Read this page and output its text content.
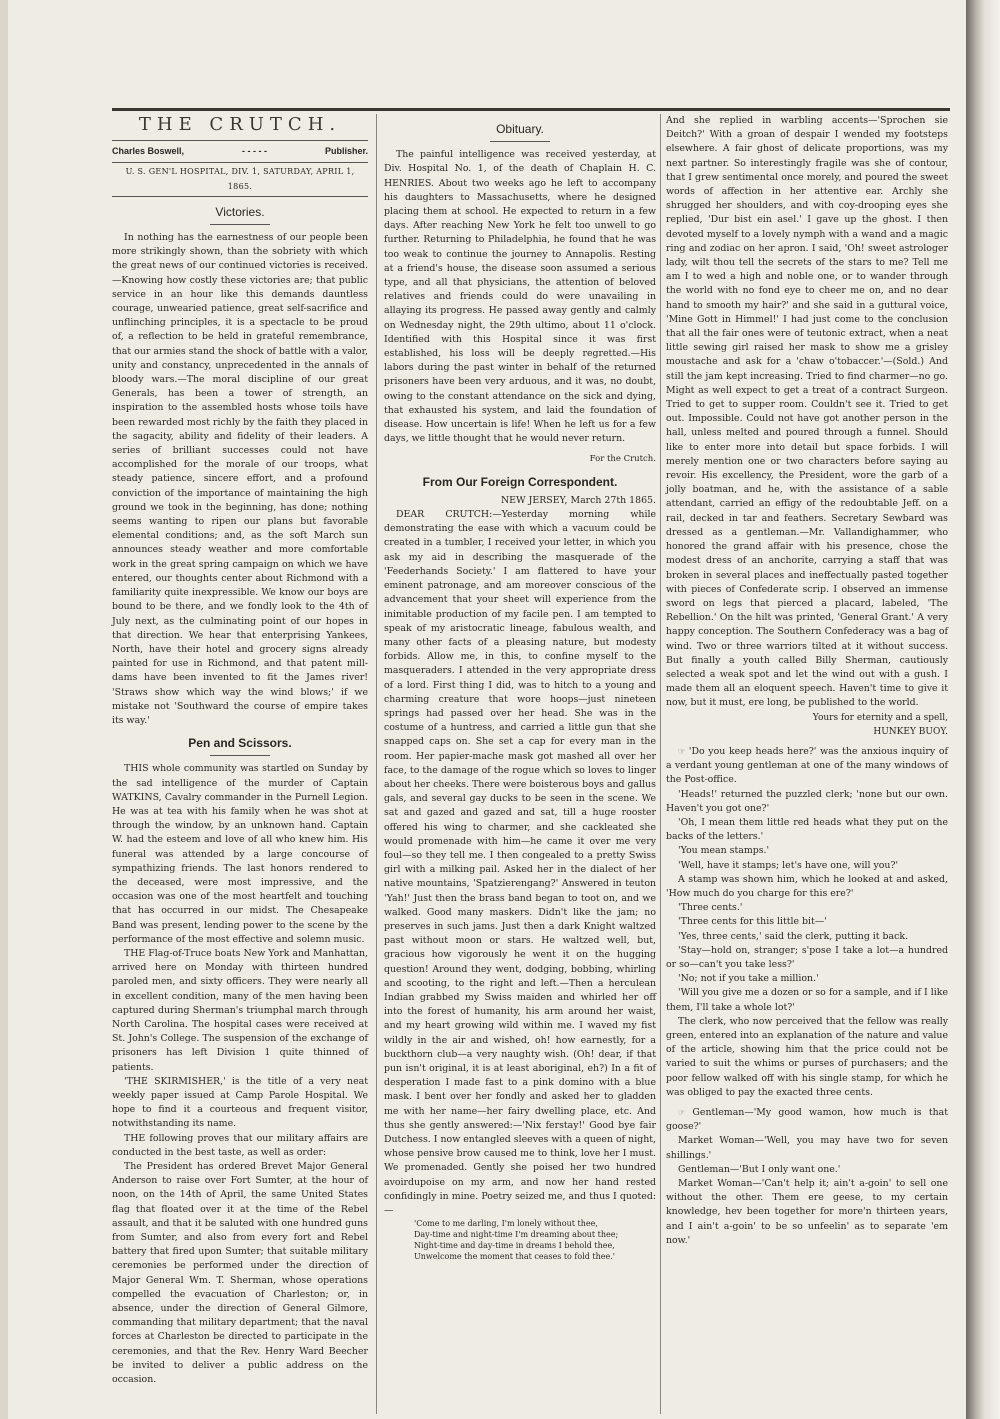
THE CRUTCH.
Charles Boswell,	- - - - -	Publisher.
U. S. GEN'L HOSPITAL, DIV. 1, SATURDAY, APRIL 1, 1865.
Victories.

In nothing has the earnestness of our people been more strikingly shown, than the sobriety with which the great news of our continued victories is received.—Knowing how costly these victories are; that public service in an hour like this demands dauntless courage, unwearied patience, great self-sacrifice and unflinching principles, it is a spectacle to be proud of, a reflection to be held in grateful remembrance, that our armies stand the shock of battle with a valor, unity and constancy, unprecedented in the annals of bloody wars.—The moral discipline of our great Generals, has been a tower of strength, an inspiration to the assembled hosts whose toils have been rewarded most richly by the faith they placed in the sagacity, ability and fidelity of their leaders. A series of brilliant successes could not have accomplished for the morale of our troops, what steady patience, sincere effort, and a profound conviction of the importance of maintaining the high ground we took in the beginning, has done; nothing seems wanting to ripen our plans but favorable elemental conditions; and, as the soft March sun announces steady weather and more comfortable work in the great spring campaign on which we have entered, our thoughts center about Richmond with a familiarity quite inexpressible. We know our boys are bound to be there, and we fondly look to the 4th of July next, as the culminating point of our hopes in that direction. We hear that enterprising Yankees, North, have their hotel and grocery signs already painted for use in Richmond, and that patent mill-dams have been invented to fit the James river! 'Straws show which way the wind blows;' if we mistake not 'Southward the course of empire takes its way.'

Pen and Scissors.

THIS whole community was startled on Sunday by the sad intelligence of the murder of Captain WATKINS, Cavalry commander in the Purnell Legion. He was at tea with his family when he was shot at through the window, by an unknown hand. Captain W. had the esteem and love of all who knew him. His funeral was attended by a large concourse of sympathizing friends. The last honors rendered to the deceased, were most impressive, and the occasion was one of the most heartfelt and touching that has occurred in our midst. The Chesapeake Band was present, lending power to the scene by the performance of the most effective and solemn music.

THE Flag-of-Truce boats New York and Manhattan, arrived here on Monday with thirteen hundred paroled men, and sixty officers. They were nearly all in excellent condition, many of the men having been captured during Sherman's triumphal march through North Carolina. The hospital cases were received at St. John's College. The suspension of the exchange of prisoners has left Division 1 quite thinned of patients.

'THE SKIRMISHER,' is the title of a very neat weekly paper issued at Camp Parole Hospital. We hope to find it a courteous and frequent visitor, notwithstanding its name.

THE following proves that our military affairs are conducted in the best taste, as well as order:

The President has ordered Brevet Major General Anderson to raise over Fort Sumter, at the hour of noon, on the 14th of April, the same United States flag that floated over it at the time of the Rebel assault, and that it be saluted with one hundred guns from Sumter, and also from every fort and Rebel battery that fired upon Sumter; that suitable military ceremonies be performed under the direction of Major General Wm. T. Sherman, whose operations compelled the evacuation of Charleston; or, in absence, under the direction of General Gilmore, commanding that military department; that the naval forces at Charleston be directed to participate in the ceremonies, and that the Rev. Henry Ward Beecher be invited to deliver a public address on the occasion.

Obituary.

The painful intelligence was received yesterday, at Div. Hospital No. 1, of the death of Chaplain H. C. HENRIES. About two weeks ago he left to accompany his daughters to Massachusetts, where he designed placing them at school. He expected to return in a few days. After reaching New York he felt too unwell to go further. Returning to Philadelphia, he found that he was too weak to continue the journey to Annapolis. Resting at a friend's house, the disease soon assumed a serious type, and all that physicians, the attention of beloved relatives and friends could do were unavailing in allaying its progress. He passed away gently and calmly on Wednesday night, the 29th ultimo, about 11 o'clock. Identified with this Hospital since it was first established, his loss will be deeply regretted.—His labors during the past winter in behalf of the returned prisoners have been very arduous, and it was, no doubt, owing to the constant attendance on the sick and dying, that exhausted his system, and laid the foundation of disease. How uncertain is life! When he left us for a few days, we little thought that he would never return.

For the Crutch.
From Our Foreign Correspondent.
NEW JERSEY, March 27th 1865.

DEAR CRUTCH:—Yesterday morning while demonstrating the ease with which a vacuum could be created in a tumbler, I received your letter, in which you ask my aid in describing the masquerade of the 'Feederhands Society.' I am flattered to have your eminent patronage, and am moreover conscious of the advancement that your sheet will experience from the inimitable production of my facile pen. I am tempted to speak of my aristocratic lineage, fabulous wealth, and many other facts of a pleasing nature, but modesty forbids. Allow me, in this, to confine myself to the masqueraders. I attended in the very appropriate dress of a lord. First thing I did, was to hitch to a young and charming creature that wore hoops—just nineteen springs had passed over her head. She was in the costume of a huntress, and carried a little gun that she snapped caps on. She set a cap for every man in the room. Her papier-mache mask got mashed all over her face, to the damage of the rogue which so loves to linger about her cheeks. There were boisterous boys and gallus gals, and several gay ducks to be seen in the scene. We sat and gazed and gazed and sat, till a huge rooster offered his wing to charmer, and she cackleated she would promenade with him—he came it over me very foul—so they tell me. I then congealed to a pretty Swiss girl with a milking pail. Asked her in the dialect of her native mountains, 'Spatzierengang?' Answered in teuton 'Yah!' Just then the brass band began to toot on, and we walked. Good many maskers. Didn't like the jam; no preserves in such jams. Just then a dark Knight waltzed past without moon or stars. He waltzed well, but, gracious how vigorously he went it on the hugging question! Around they went, dodging, bobbing, whirling and scooting, to the right and left.—Then a herculean Indian grabbed my Swiss maiden and whirled her off into the forest of humanity, his arm around her waist, and my heart growing wild within me. I waved my fist wildly in the air and wished, oh! how earnestly, for a buckthorn club—a very naughty wish. (Oh! dear, if that pun isn't original, it is at least aboriginal, eh?) In a fit of desperation I made fast to a pink domino with a blue mask. I bent over her fondly and asked her to gladden me with her name—her fairy dwelling place, etc. And thus she gently answered:—'Nix ferstay!' Good bye fair Dutchess. I now entangled sleeves with a queen of night, whose pensive brow caused me to think, love her I must. We promenaded. Gently she poised her two hundred avoirdupoise on my arm, and now her hand rested confidingly in mine. Poetry seized me, and thus I quoted:—

'Come to me darling, I'm lonely without thee,

Day-time and night-time I'm dreaming about thee;

Night-time and day-time in dreams I behold thee,

Unwelcome the moment that ceases to fold thee.'

And she replied in warbling accents—'Sprochen sie Deitch?' With a groan of despair I wended my footsteps elsewhere. A fair ghost of delicate proportions, was my next partner. So interestingly fragile was she of contour, that I grew sentimental once morely, and poured the sweet words of affection in her attentive ear. Archly she shrugged her shoulders, and with coy-drooping eyes she replied, 'Dur bist ein asel.' I gave up the ghost. I then devoted myself to a lovely nymph with a wand and a magic ring and zodiac on her apron. I said, 'Oh! sweet astrologer lady, wilt thou tell the secrets of the stars to me? Tell me am I to wed a high and noble one, or to wander through the world with no fond eye to cheer me on, and no dear hand to smooth my hair?' and she said in a guttural voice, 'Mine Gott in Himmel!' I had just come to the conclusion that all the fair ones were of teutonic extract, when a neat little sewing girl raised her mask to show me a grisley moustache and ask for a 'chaw o'tobaccer.'—(Sold.) And still the jam kept increasing. Tried to find charmer—no go. Might as well expect to get a treat of a contract Surgeon. Tried to get to supper room. Couldn't see it. Tried to get out. Impossible. Could not have got another person in the hall, unless melted and poured through a funnel. Should like to enter more into detail but space forbids. I will merely mention one or two characters before saying au revoir. His excellency, the President, wore the garb of a jolly boatman, and he, with the assistance of a sable attendant, carried an effigy of the redoubtable Jeff. on a rail, decked in tar and feathers. Secretary Sewbard was dressed as a gentleman.—Mr. Vallandighammer, who honored the grand affair with his presence, chose the modest dress of an anchorite, carrying a staff that was broken in several places and ineffectually pasted together with pieces of Confederate scrip. I observed an immense sword on legs that pierced a placard, labeled, 'The Rebellion.' On the hilt was printed, 'General Grant.' A very happy conception. The Southern Confederacy was a bag of wind. Two or three warriors tilted at it without success. But finally a youth called Billy Sherman, cautiously selected a weak spot and let the wind out with a gush. I made them all an eloquent speech. Haven't time to give it now, but it must, ere long, be published to the world.

Yours for eternity and a spell,
HUNKEY BUOY.

☞ 'Do you keep heads here?' was the anxious inquiry of a verdant young gentleman at one of the many windows of the Post-office.

'Heads!' returned the puzzled clerk; 'none but our own. Haven't you got one?'

'Oh, I mean them little red heads what they put on the backs of the letters.'

'You mean stamps.'

'Well, have it stamps; let's have one, will you?'

A stamp was shown him, which he looked at and asked, 'How much do you charge for this ere?'

'Three cents.'

'Three cents for this little bit—'

'Yes, three cents,' said the clerk, putting it back.

'Stay—hold on, stranger; s'pose I take a lot—a hundred or so—can't you take less?'

'No; not if you take a million.'

'Will you give me a dozen or so for a sample, and if I like them, I'll take a whole lot?'

The clerk, who now perceived that the fellow was really green, entered into an explanation of the nature and value of the article, showing him that the price could not be varied to suit the whims or purses of purchasers; and the poor fellow walked off with his single stamp, for which he was obliged to pay the exacted three cents.

☞ Gentleman—'My good wamon, how much is that goose?'

Market Woman—'Well, you may have two for seven shillings.'

Gentleman—'But I only want one.'

Market Woman—'Can't help it; ain't a-goin' to sell one without the other. Them ere geese, to my certain knowledge, hev been together for more'n thirteen years, and I ain't a-goin' to be so unfeelin' as to separate 'em now.'
